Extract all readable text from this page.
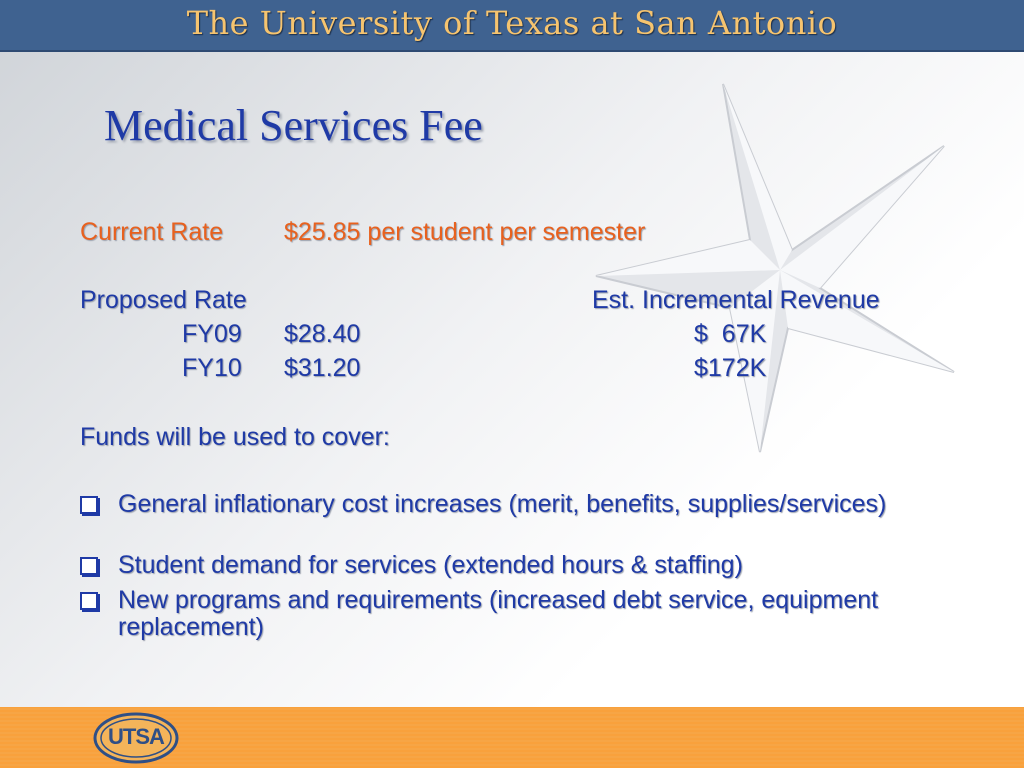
The University of Texas at San Antonio
Medical Services Fee
Current Rate $25.85 per student per semester
Proposed Rate	Est. Incremental Revenue
FY09 $28.40	$  67K
FY10 $31.20	$172K
Funds will be used to cover:
General inflationary cost increases (merit, benefits, supplies/services)
Student demand for services (extended hours & staffing)
New programs and requirements (increased debt service, equipment replacement)
UTSA
